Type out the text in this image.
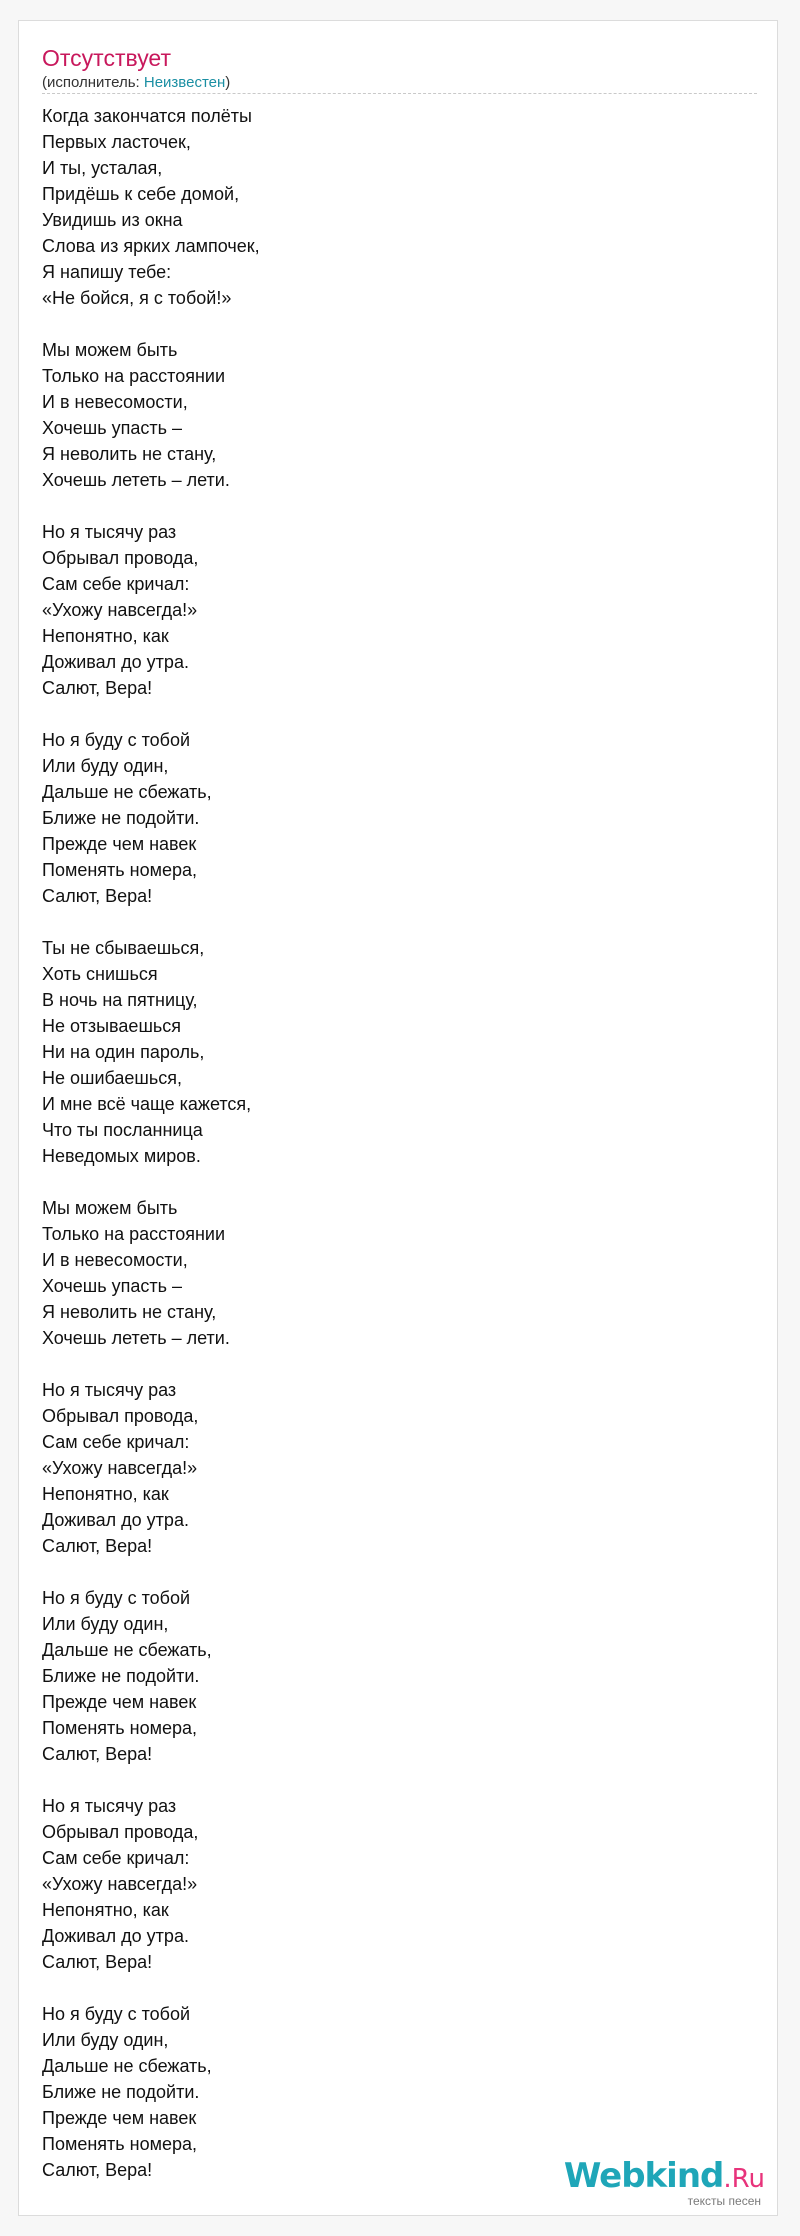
Отсутствует
(исполнитель: Неизвестен)
Когда закончатся полёты
Первых ласточек,
И ты, усталая,
Придёшь к себе домой,
Увидишь из окна
Слова из ярких лампочек,
Я напишу тебе:
«Не бойся, я с тобой!»
Мы можем быть
Только на расстоянии
И в невесомости,
Хочешь упасть –
Я неволить не стану,
Хочешь лететь – лети.
Но я тысячу раз
Обрывал провода,
Сам себе кричал:
«Ухожу навсегда!»
Непонятно, как
Доживал до утра.
Салют, Вера!
Но я буду с тобой
Или буду один,
Дальше не сбежать,
Ближе не подойти.
Прежде чем навек
Поменять номера,
Салют, Вера!
Ты не сбываешься,
Хоть снишься
В ночь на пятницу,
Не отзываешься
Ни на один пароль,
Не ошибаешься,
И мне всё чаще кажется,
Что ты посланница
Неведомых миров.
Мы можем быть
Только на расстоянии
И в невесомости,
Хочешь упасть –
Я неволить не стану,
Хочешь лететь – лети.
Но я тысячу раз
Обрывал провода,
Сам себе кричал:
«Ухожу навсегда!»
Непонятно, как
Доживал до утра.
Салют, Вера!
Но я буду с тобой
Или буду один,
Дальше не сбежать,
Ближе не подойти.
Прежде чем навек
Поменять номера,
Салют, Вера!
Но я тысячу раз
Обрывал провода,
Сам себе кричал:
«Ухожу навсегда!»
Непонятно, как
Доживал до утра.
Салют, Вера!
Но я буду с тобой
Или буду один,
Дальше не сбежать,
Ближе не подойти.
Прежде чем навек
Поменять номера,
Салют, Вера!	Webkind.Ru
тексты песен
